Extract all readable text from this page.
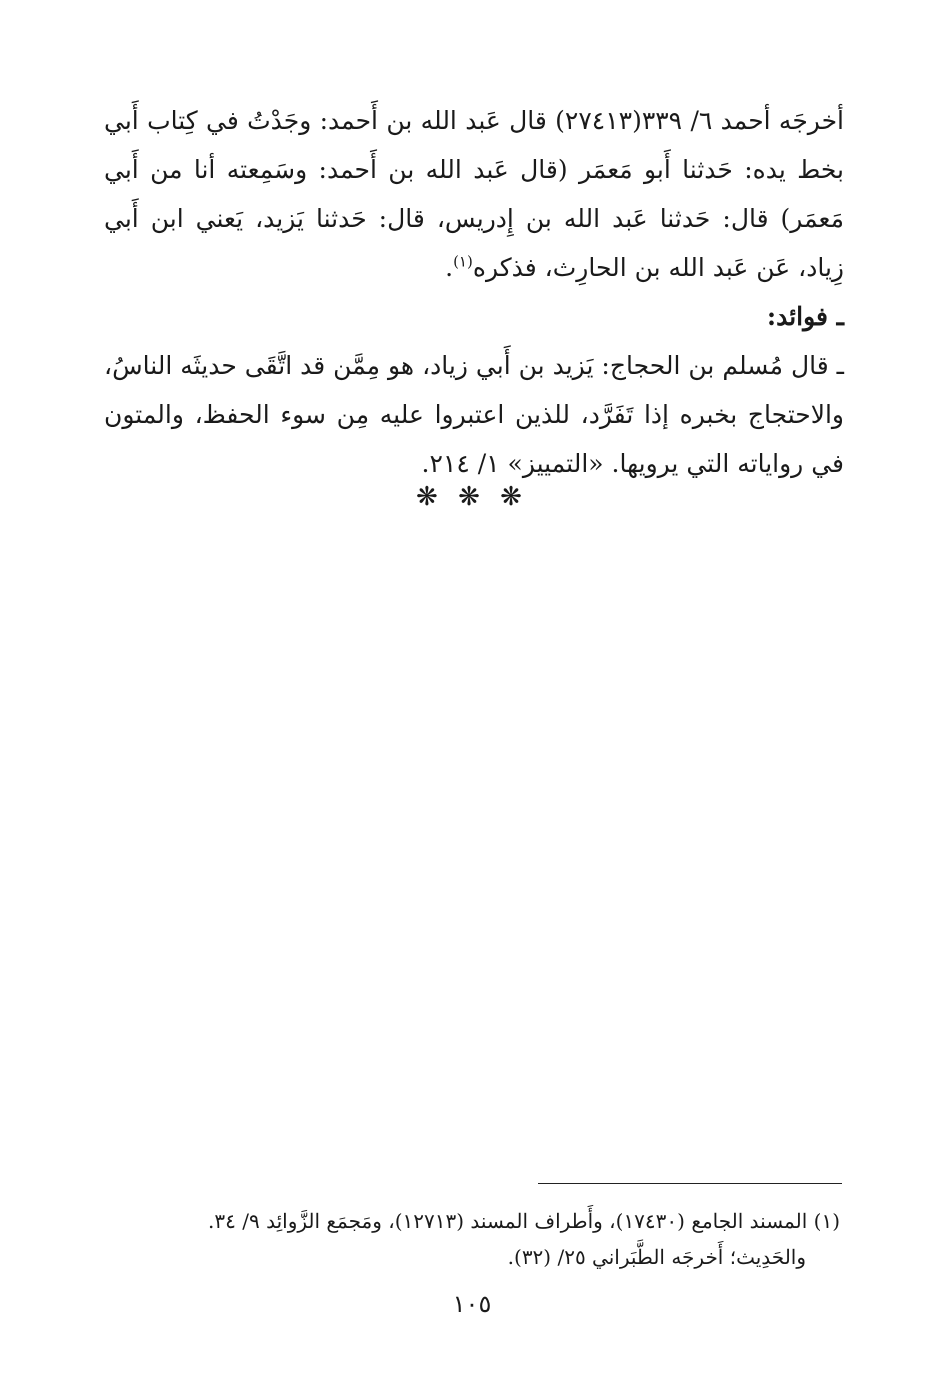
أخرجَه أحمد ٦/ ٣٣٩(٢٧٤١٣) قال عَبد الله بن أَحمد: وجَدْتُ في كِتاب أَبي بخط يده: حَدثنا أَبو مَعمَر (قال عَبد الله بن أَحمد: وسَمِعته أنا من أَبي مَعمَر) قال: حَدثنا عَبد الله بن إِدريس، قال: حَدثنا يَزيد، يَعني ابن أَبي زِياد، عَن عَبد الله بن الحارِث، فذكره$^{(١)}$.

ـ فوائد:

ـ قال مُسلم بن الحجاج: يَزيد بن أَبي زياد، هو مِمَّن قد اتَّقَى حديثَه الناسُ، والاحتجاج بخبره إذا تَفَرَّد، للذين اعتبروا عليه مِن سوء الحفظ، والمتون في رواياته التي يرويها. «التمييز» ١/ ٢١٤.

❋ ❋ ❋

(١) المسند الجامع (١٧٤٣٠)، وأَطراف المسند (١٢٧١٣)، ومَجمَع الزَّوائِد ٩/ ٣٤.

والحَدِيث؛ أَخرجَه الطَّبَراني ٢٥/ (٣٢).

١٠٥
